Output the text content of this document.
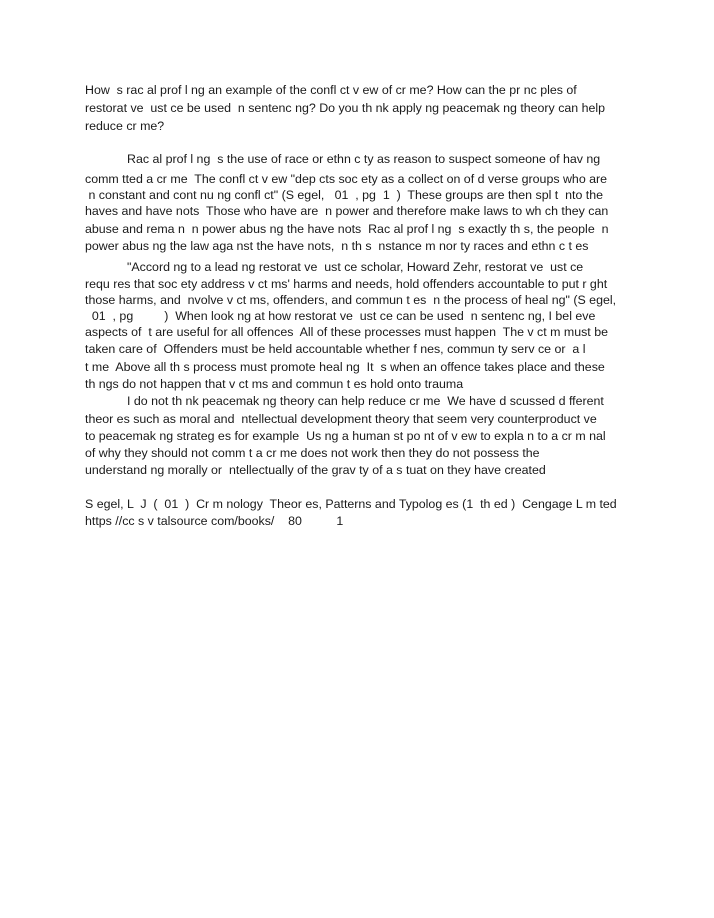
How  s rac al prof l ng an example of the confl ct v ew of cr me? How can the pr nc ples of
restorat ve  ust ce be used  n sentenc ng? Do you th nk apply ng peacemak ng theory can help
reduce cr me?
Rac al prof l ng  s the use of race or ethn c ty as reason to suspect someone of hav ng
comm tted a cr me  The confl ct v ew "dep cts soc ety as a collect on of d verse groups who are
n constant and cont nu ng confl ct" (S egel,   01  , pg  1  )  These groups are then spl t  nto the
haves and have nots  Those who have are  n power and therefore make laws to wh ch they can
abuse and rema n  n power abus ng the have nots  Rac al prof l ng  s exactly th s, the people  n
power abus ng the law aga nst the have nots,  n th s  nstance m nor ty races and ethn c t es
"Accord ng to a lead ng restorat ve  ust ce scholar, Howard Zehr, restorat ve  ust ce
requ res that soc ety address v ct ms' harms and needs, hold offenders accountable to put r ght
those harms, and  nvolve v ct ms, offenders, and commun t es  n the process of heal ng" (S egel,
01  , pg         )  When look ng at how restorat ve  ust ce can be used  n sentenc ng, I bel eve
aspects of  t are useful for all offences  All of these processes must happen  The v ct m must be
taken care of  Offenders must be held accountable whether f nes, commun ty serv ce or  a l
t me  Above all th s process must promote heal ng  It  s when an offence takes place and these
th ngs do not happen that v ct ms and commun t es hold onto trauma
I do not th nk peacemak ng theory can help reduce cr me  We have d scussed d fferent
theor es such as moral and  ntellectual development theory that seem very counterproduct ve
to peacemak ng strateg es for example  Us ng a human st po nt of v ew to expla n to a cr m nal
of why they should not comm t a cr me does not work then they do not possess the
understand ng morally or  ntellectually of the grav ty of a s tuat on they have created
S egel, L  J  (  01  )  Cr m nology  Theor es, Patterns and Typolog es (1  th ed )  Cengage L m ted
https //cc s v talsource com/books/    80          1
